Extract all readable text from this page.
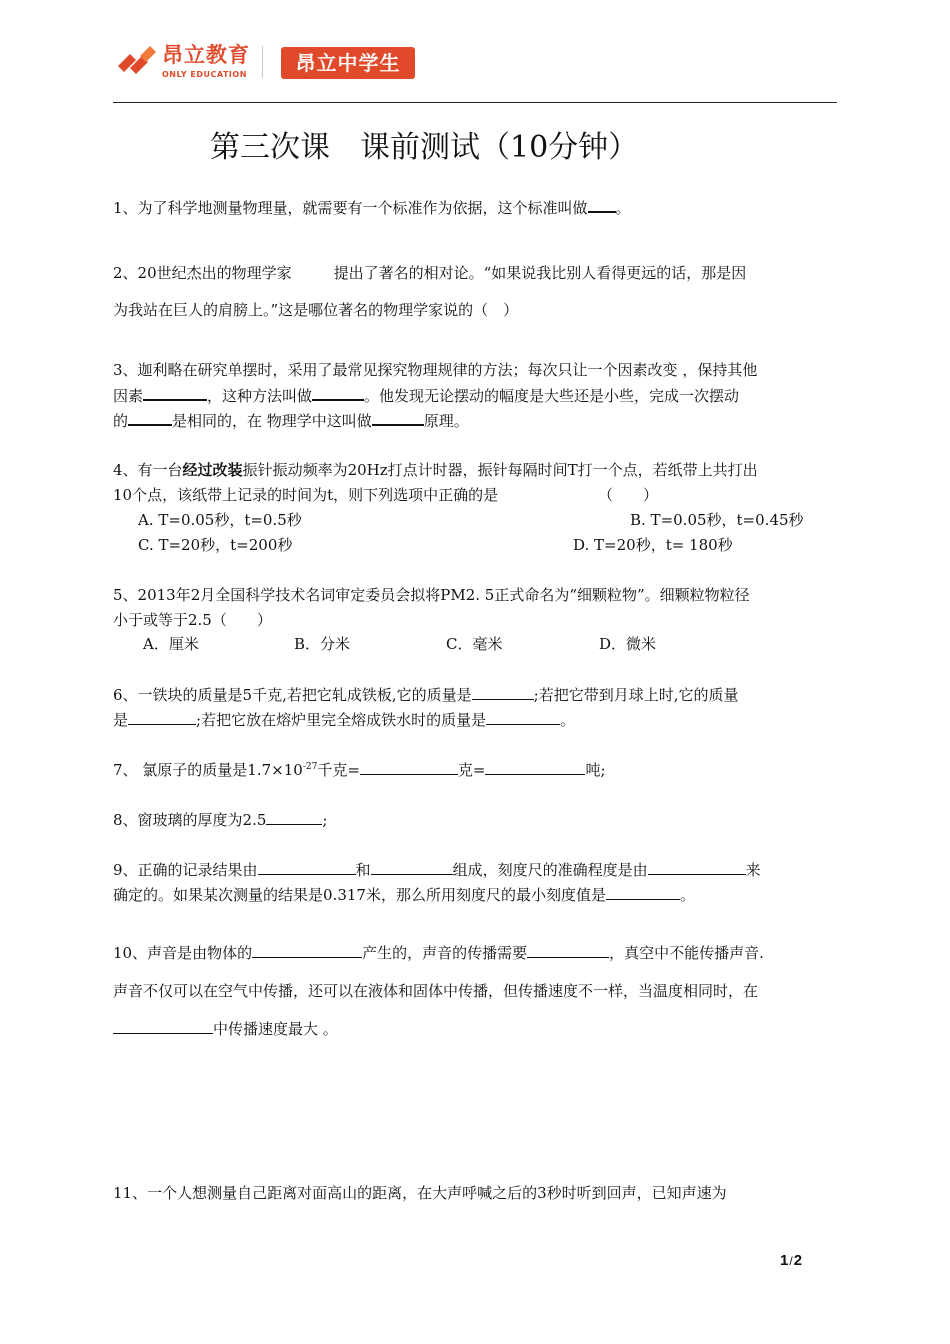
昂立教育
ONLY EDUCATION	昂立中学生
第三次课　课前测试（10分钟）
1、为了科学地测量物理量，就需要有一个标准作为依据，这个标准叫做 。
2、20世纪杰出的物理学家	提出了著名的相对论。“如果说我比别人看得更远的话，那是因
为我站在巨人的肩膀上。”这是哪位著名的物理学家说的（　）
3、迦利略在研究单摆时，采用了最常见探究物理规律的方法；每次只让一个因素改变 ，保持其他
因素	，这种方法叫做	。他发现无论摆动的幅度是大些还是小些，完成一次摆动
的	是相同的，在 物理学中这叫做	原理。
4、有一台经过改装振针振动频率为20Hz打点计时器，振针每隔时间T打一个点，若纸带上共打出
10个点，该纸带上记录的时间为t，则下列选项中正确的是	（　　）
A. T=0.05秒，t=0.5秒	B. T=0.05秒，t=0.45秒
C. T=20秒，t=200秒	D. T=20秒，t= 180秒
5、2013年2月全国科学技术名词审定委员会拟将PM2. 5正式命名为“细颗粒物”。细颗粒物粒径
小于或等于2.5（　　）
A．厘米	B．分米	C．毫米	D．微米
6、一铁块的质量是5千克,若把它轧成铁板,它的质量是	;若把它带到月球上时,它的质量
是	;若把它放在熔炉里完全熔成铁水时的质量是	。
7、 氯原子的质量是$1.7\times 10^{-27}$千克=	克=	吨;
8、窗玻璃的厚度为2.5	;
9、正确的记录结果由	和	组成，刻度尺的准确程度是由	来
确定的。如果某次测量的结果是0.317米，那么所用刻度尺的最小刻度值是	。
10、声音是由物体的	产生的，声音的传播需要	，真空中不能传播声音.
声音不仅可以在空气中传播，还可以在液体和固体中传播，但传播速度不一样，当温度相同时，在
中传播速度最大 。
11、一个人想测量自己距离对面高山的距离，在大声呼喊之后的3秒时听到回声，已知声速为
1/2
